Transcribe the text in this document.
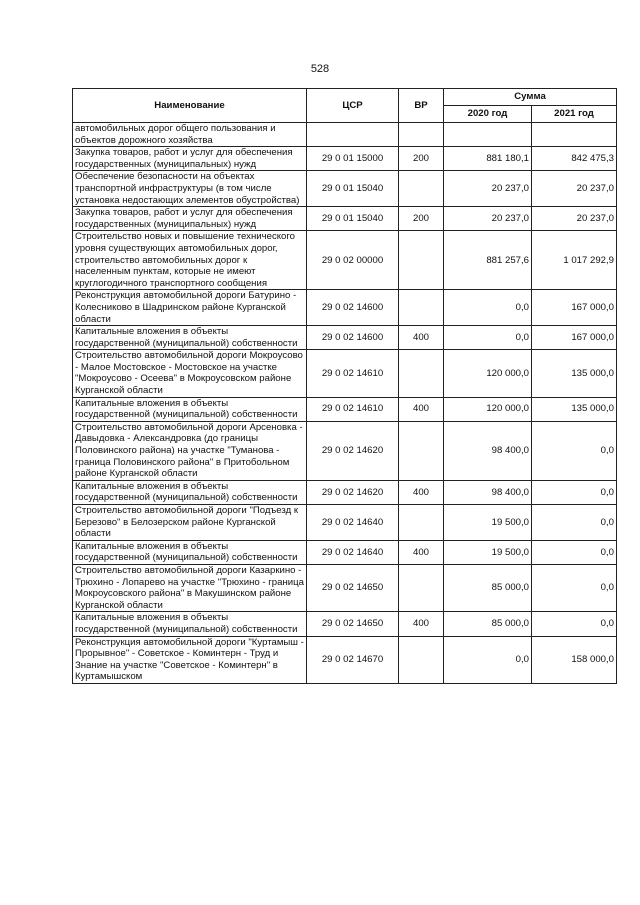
528
Наименование	ЦСР	ВР	Сумма	
			2020 год	2021 год
автомобильных дорог общего пользования и объектов дорожного хозяйства				
Закупка товаров, работ и услуг для обеспечения государственных (муниципальных) нужд	29 0 01 15000	200	881 180,1	842 475,3
Обеспечение безопасности на объектах транспортной инфраструктуры (в том числе установка недостающих элементов обустройства)	29 0 01 15040		20 237,0	20 237,0
Закупка товаров, работ и услуг для обеспечения государственных (муниципальных) нужд	29 0 01 15040	200	20 237,0	20 237,0
Строительство новых и повышение технического уровня существующих автомобильных дорог, строительство автомобильных дорог к населенным пунктам, которые не имеют круглогодичного транспортного сообщения	29 0 02 00000		881 257,6	1 017 292,9
Реконструкция автомобильной дороги Батурино - Колесниково в Шадринском районе Курганской области	29 0 02 14600		0,0	167 000,0
Капитальные вложения в объекты государственной (муниципальной) собственности	29 0 02 14600	400	0,0	167 000,0
Строительство автомобильной дороги Мокроусово - Малое Мостовское - Мостовское на участке "Мокроусово - Осеева" в Мокроусовском районе Курганской области	29 0 02 14610		120 000,0	135 000,0
Капитальные вложения в объекты государственной (муниципальной) собственности	29 0 02 14610	400	120 000,0	135 000,0
Строительство автомобильной дороги Арсеновка - Давыдовка - Александровка (до границы Половинского района) на участке "Туманова - граница Половинского района" в Притобольном районе Курганской области	29 0 02 14620		98 400,0	0,0
Капитальные вложения в объекты государственной (муниципальной) собственности	29 0 02 14620	400	98 400,0	0,0
Строительство автомобильной дороги "Подъезд к Березово" в Белозерском районе Курганской области	29 0 02 14640		19 500,0	0,0
Капитальные вложения в объекты государственной (муниципальной) собственности	29 0 02 14640	400	19 500,0	0,0
Строительство автомобильной дороги Казаркино - Трюхино - Лопарево на участке "Трюхино - граница Мокроусовского района" в Макушинском районе Курганской области	29 0 02 14650		85 000,0	0,0
Капитальные вложения в объекты государственной (муниципальной) собственности	29 0 02 14650	400	85 000,0	0,0
Реконструкция автомобильной дороги "Куртамыш - Прорывное" - Советское - Коминтерн - Труд и Знание на участке "Советское - Коминтерн" в Куртамышском	29 0 02 14670		0,0	158 000,0
